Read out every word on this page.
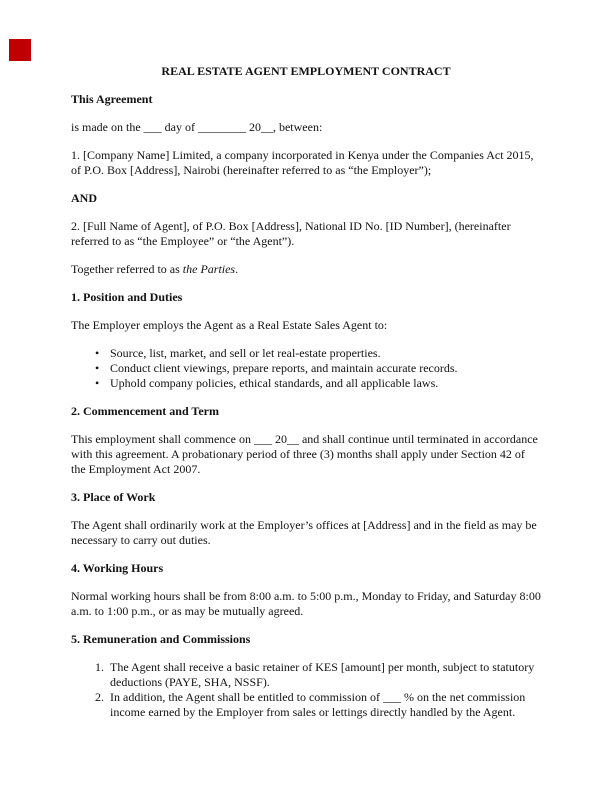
REAL ESTATE AGENT EMPLOYMENT CONTRACT

This Agreement

is made on the ___ day of ________ 20__, between:

1. [Company Name] Limited, a company incorporated in Kenya under the Companies Act 2015, of P.O. Box [Address], Nairobi (hereinafter referred to as “the Employer”);

AND

2. [Full Name of Agent], of P.O. Box [Address], National ID No. [ID Number], (hereinafter referred to as “the Employee” or “the Agent”).

Together referred to as the Parties.

1. Position and Duties

The Employer employs the Agent as a Real Estate Sales Agent to:

• Source, list, market, and sell or let real-estate properties.
• Conduct client viewings, prepare reports, and maintain accurate records.
• Uphold company policies, ethical standards, and all applicable laws.

2. Commencement and Term

This employment shall commence on ___ 20__ and shall continue until terminated in accordance with this agreement. A probationary period of three (3) months shall apply under Section 42 of the Employment Act 2007.

3. Place of Work

The Agent shall ordinarily work at the Employer’s offices at [Address] and in the field as may be necessary to carry out duties.

4. Working Hours

Normal working hours shall be from 8:00 a.m. to 5:00 p.m., Monday to Friday, and Saturday 8:00 a.m. to 1:00 p.m., or as may be mutually agreed.

5. Remuneration and Commissions

1. The Agent shall receive a basic retainer of KES [amount] per month, subject to statutory deductions (PAYE, SHA, NSSF).
2. In addition, the Agent shall be entitled to commission of ___ % on the net commission income earned by the Employer from sales or lettings directly handled by the Agent.
